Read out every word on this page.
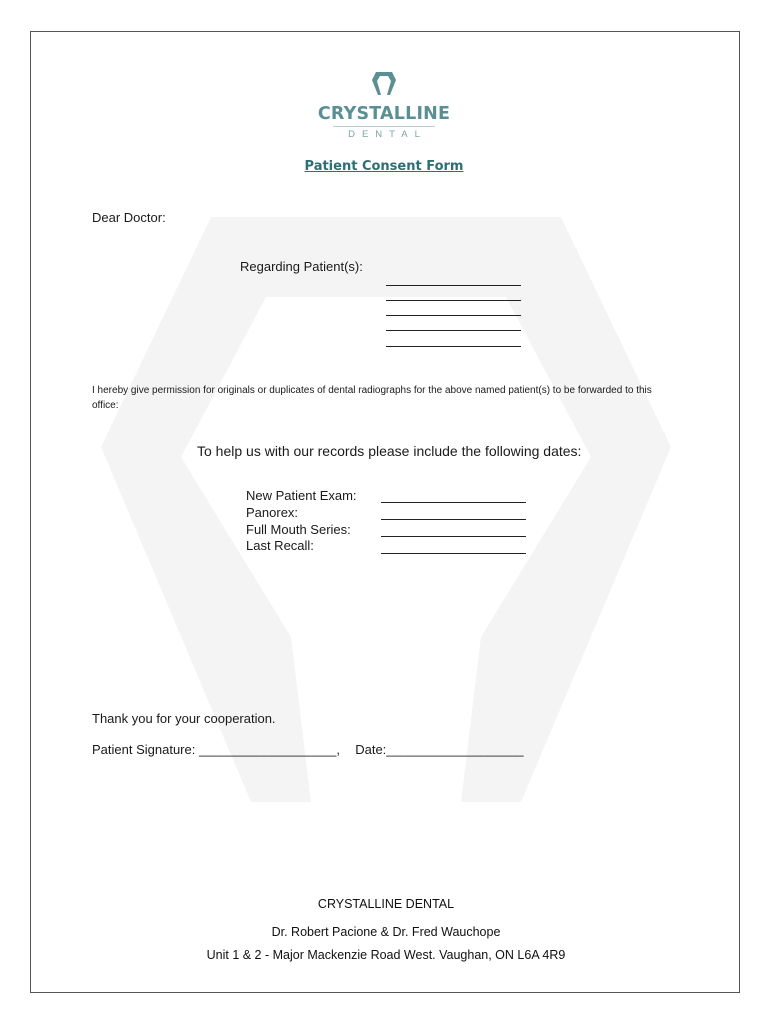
CRYSTALLINE
DENTAL
Patient Consent Form
Dear Doctor:
Regarding Patient(s):
I hereby give permission for originals or duplicates of dental radiographs for the above named patient(s) to be forwarded to this office:
To help us with our records please include the following dates:
New Patient Exam:
Panorex:
Full Mouth Series:
Last Recall:
Thank you for your cooperation.
Patient Signature: ___________________, Date:___________________
CRYSTALLINE DENTAL
Dr. Robert Pacione & Dr. Fred Wauchope
Unit 1 & 2 - Major Mackenzie Road West. Vaughan, ON L6A 4R9
